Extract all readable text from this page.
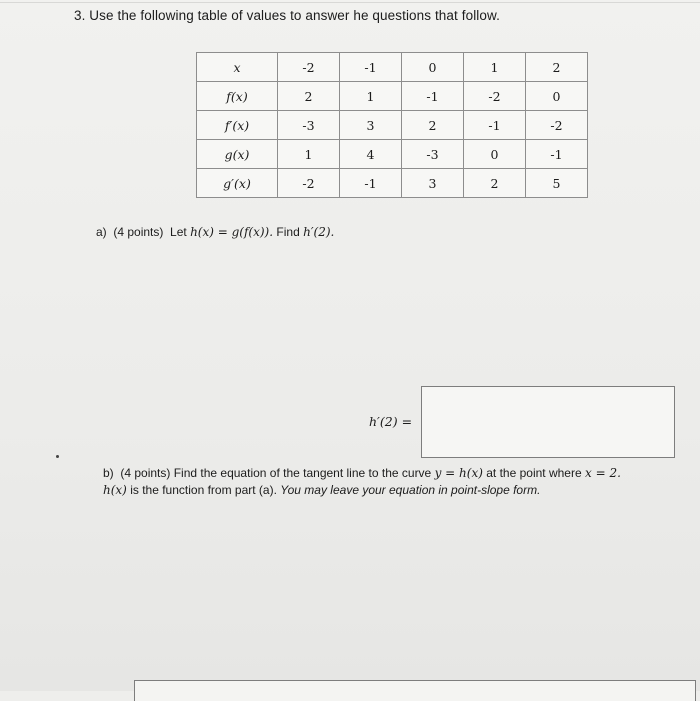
3. Use the following table of values to answer he questions that follow.
x	-2	-1	0	1	2
f(x)	2	1	-1	-2	0
f′(x)	-3	3	2	-1	-2
g(x)	1	4	-3	0	-1
g′(x)	-2	-1	3	2	5
a) (4 points) Let h(x) = g(f(x)). Find h′(2).
h′(2) =
b) (4 points) Find the equation of the tangent line to the curve y = h(x) at the point where x = 2.
h(x) is the function from part (a). You may leave your equation in point-slope form.
